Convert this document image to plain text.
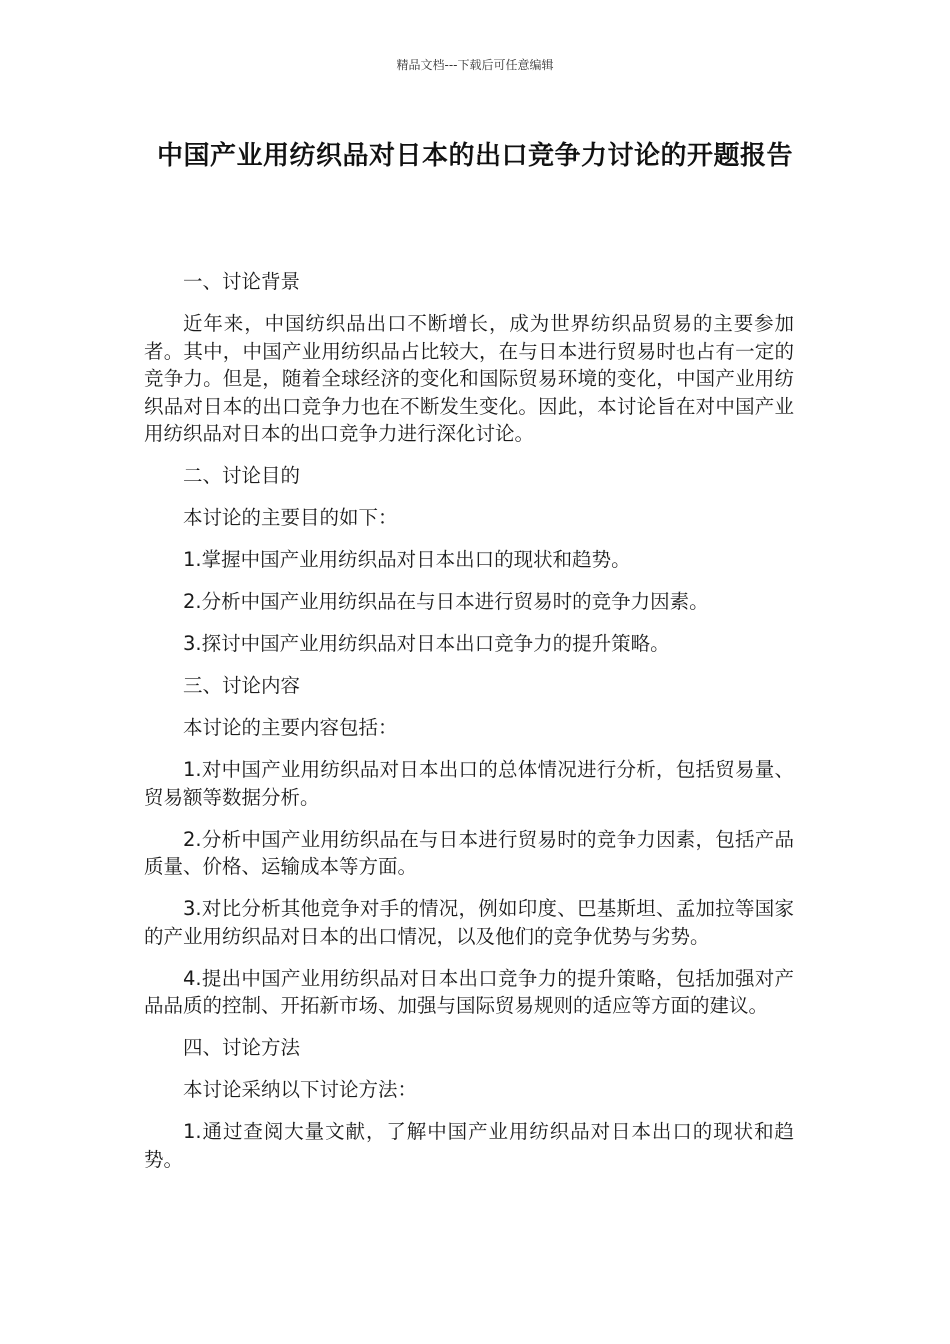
精品文档---下载后可任意编辑
中国产业用纺织品对日本的出口竞争力讨论的开题报告

一、讨论背景

近年来，中国纺织品出口不断增长，成为世界纺织品贸易的主要参加者。其中，中国产业用纺织品占比较大，在与日本进行贸易时也占有一定的竞争力。但是，随着全球经济的变化和国际贸易环境的变化，中国产业用纺织品对日本的出口竞争力也在不断发生变化。因此，本讨论旨在对中国产业用纺织品对日本的出口竞争力进行深化讨论。

二、讨论目的

本讨论的主要目的如下：

1.掌握中国产业用纺织品对日本出口的现状和趋势。

2.分析中国产业用纺织品在与日本进行贸易时的竞争力因素。

3.探讨中国产业用纺织品对日本出口竞争力的提升策略。

三、讨论内容

本讨论的主要内容包括：

1.对中国产业用纺织品对日本出口的总体情况进行分析，包括贸易量、贸易额等数据分析。

2.分析中国产业用纺织品在与日本进行贸易时的竞争力因素，包括产品质量、价格、运输成本等方面。

3.对比分析其他竞争对手的情况，例如印度、巴基斯坦、孟加拉等国家的产业用纺织品对日本的出口情况，以及他们的竞争优势与劣势。

4.提出中国产业用纺织品对日本出口竞争力的提升策略，包括加强对产品品质的控制、开拓新市场、加强与国际贸易规则的适应等方面的建议。

四、讨论方法

本讨论采纳以下讨论方法：

1.通过查阅大量文献，了解中国产业用纺织品对日本出口的现状和趋势。
